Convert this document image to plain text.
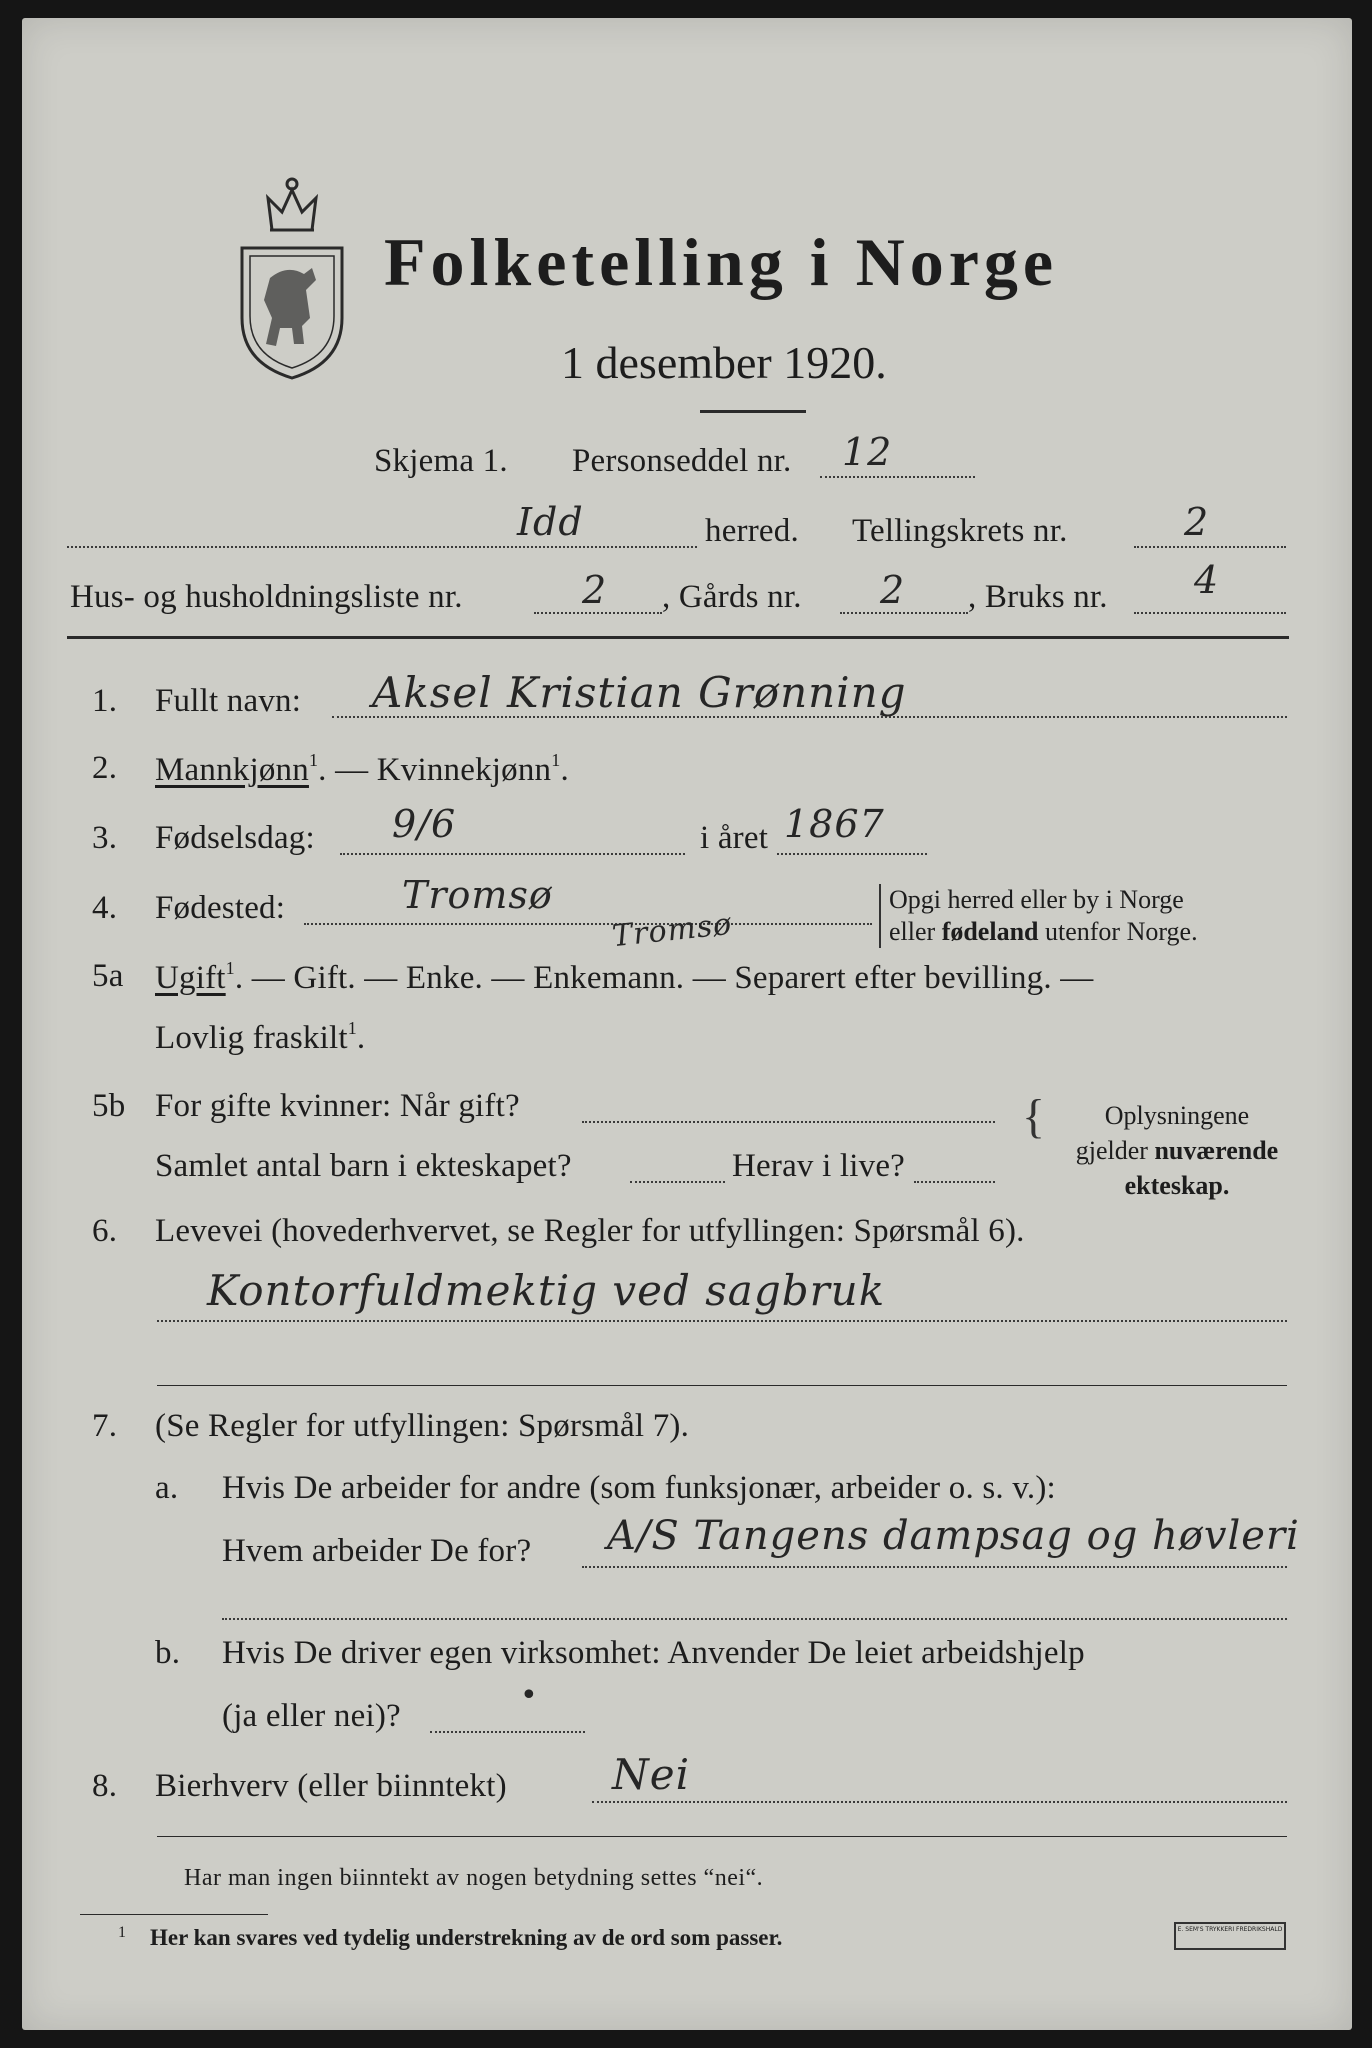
Folketelling i Norge
1 desember 1920.
Skjema 1. Personseddel nr. 12
Idd	herred. Tellingskrets nr.	2
Hus- og husholdningsliste nr.	2 , Gårds nr. 2 , Bruks nr. 4
1. Fullt navn: Aksel Kristian Grønning
2. Mannkjønn$^1$. — Kvinnekjønn$^1$.
3. Fødselsdag: 9/6	i året 1867
4. Fødested:	Tromsø
Tromsø
Opgi herred eller by i Norge
eller fødeland utenfor Norge.
5a Ugift$^1$. — Gift. — Enke. — Enkemann. — Separert efter bevilling. —
Lovlig fraskilt$^1$.
5b For gifte kvinner: Når gift?
Samlet antal barn i ekteskapet?	Herav i live?
{	Oplysningene
gjelder nuværende
ekteskap.
6. Levevei (hovederhvervet, se Regler for utfyllingen: Spørsmål 6).
Kontorfuldmektig ved sagbruk
7. (Se Regler for utfyllingen: Spørsmål 7).
a. Hvis De arbeider for andre (som funksjonær, arbeider o. s. v.):
Hvem arbeider De for? A/S Tangens dampsag og høvleri
b. Hvis De driver egen virksomhet: Anvender De leiet arbeidshjelp
(ja eller nei)?
•
8. Bierhverv (eller biinntekt)	Nei
Har man ingen biinntekt av nogen betydning settes “nei“.
1 Her kan svares ved tydelig understrekning av de ord som passer.	E. SEM'S TRYKKERI FREDRIKSHALD
